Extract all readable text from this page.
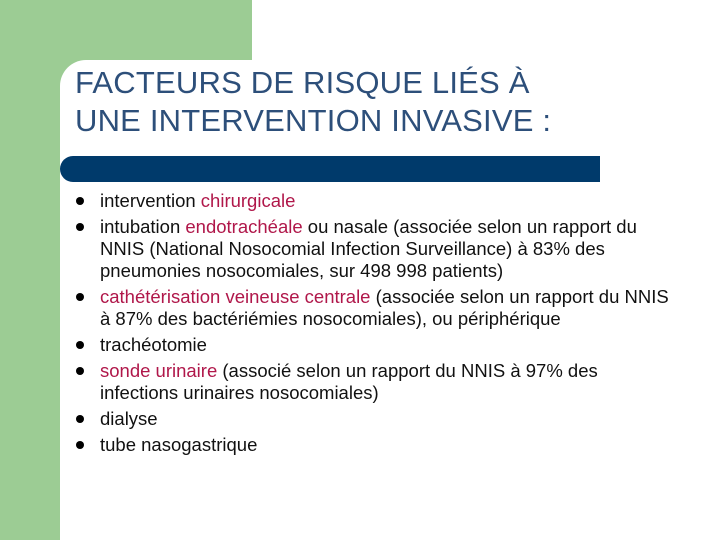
FACTEURS DE RISQUE LIÉS À
UNE INTERVENTION INVASIVE :
intervention chirurgicale
intubation endotrachéale ou nasale (associée selon un rapport du NNIS (National Nosocomial Infection Surveillance) à 83% des pneumonies nosocomiales, sur 498 998 patients)
cathétérisation veineuse centrale (associée selon un rapport du NNIS à 87% des bactériémies nosocomiales), ou périphérique
trachéotomie
sonde urinaire (associé selon un rapport du NNIS à 97% des infections urinaires nosocomiales)
dialyse
tube nasogastrique
